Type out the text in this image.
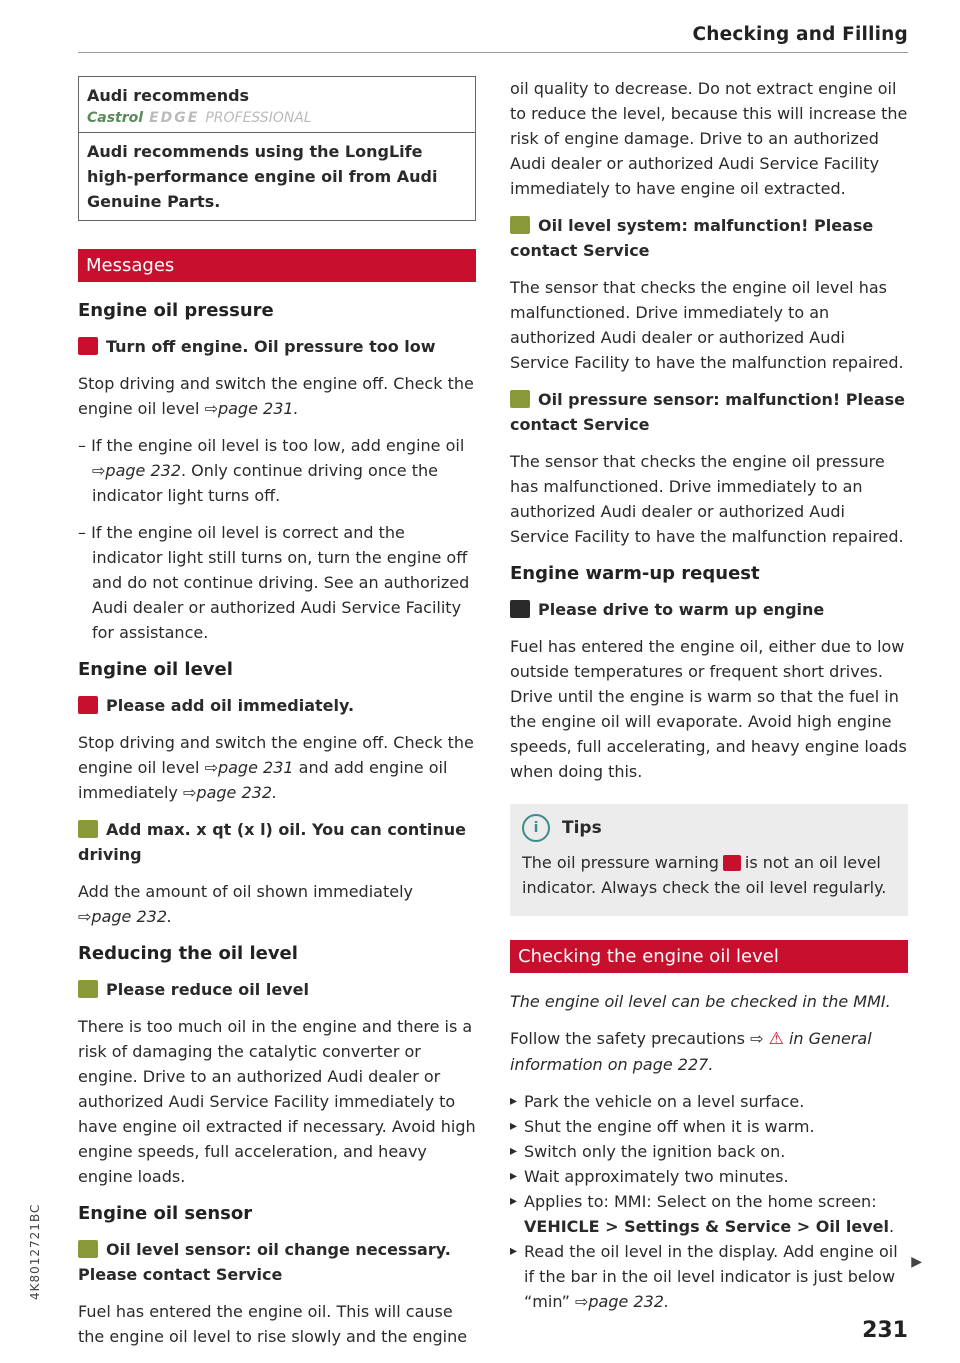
Checking and Filling
Audi recommends
Castrol EDGE PROFESSIONAL
Audi recommends using the LongLife high-performance engine oil from Audi Genuine Parts.
Messages
Engine oil pressure
Turn off engine. Oil pressure too low

Stop driving and switch the engine off. Check the engine oil level ⇨page 231.

– If the engine oil level is too low, add engine oil ⇨page 232. Only continue driving once the indicator light turns off.

– If the engine oil level is correct and the indicator light still turns on, turn the engine off and do not continue driving. See an authorized Audi dealer or authorized Audi Service Facility for assistance.

Engine oil level
Please add oil immediately.

Stop driving and switch the engine off. Check the engine oil level ⇨page 231 and add engine oil immediately ⇨page 232.

Add max. x qt (x l) oil. You can continue driving

Add the amount of oil shown immediately
⇨page 232.

Reducing the oil level
Please reduce oil level

There is too much oil in the engine and there is a risk of damaging the catalytic converter or engine. Drive to an authorized Audi dealer or authorized Audi Service Facility immediately to have engine oil extracted if necessary. Avoid high engine speeds, full acceleration, and heavy engine loads.

Engine oil sensor
Oil level sensor: oil change necessary. Please contact Service

Fuel has entered the engine oil. This will cause the engine oil level to rise slowly and the engine

oil quality to decrease. Do not extract engine oil to reduce the level, because this will increase the risk of engine damage. Drive to an authorized Audi dealer or authorized Audi Service Facility immediately to have engine oil extracted.

Oil level system: malfunction! Please contact Service

The sensor that checks the engine oil level has malfunctioned. Drive immediately to an authorized Audi dealer or authorized Audi Service Facility to have the malfunction repaired.

Oil pressure sensor: malfunction! Please contact Service

The sensor that checks the engine oil pressure has malfunctioned. Drive immediately to an authorized Audi dealer or authorized Audi Service Facility to have the malfunction repaired.

Engine warm-up request
Please drive to warm up engine

Fuel has entered the engine oil, either due to low outside temperatures or frequent short drives. Drive until the engine is warm so that the fuel in the engine oil will evaporate. Avoid high engine speeds, full accelerating, and heavy engine loads when doing this.

i Tips

The oil pressure warning is not an oil level indicator. Always check the oil level regularly.

Checking the engine oil level

The engine oil level can be checked in the MMI.

Follow the safety precautions ⇨ ⚠ in General information on page 227.

▸ Park the vehicle on a level surface.
▸ Shut the engine off when it is warm.
▸ Switch only the ignition back on.
▸ Wait approximately two minutes.
▸ Applies to: MMI: Select on the home screen:
VEHICLE > Settings & Service > Oil level.
▸ Read the oil level in the display. Add engine oil if the bar in the oil level indicator is just below “min” ⇨page 232.
▶
231
4K8012721BC
